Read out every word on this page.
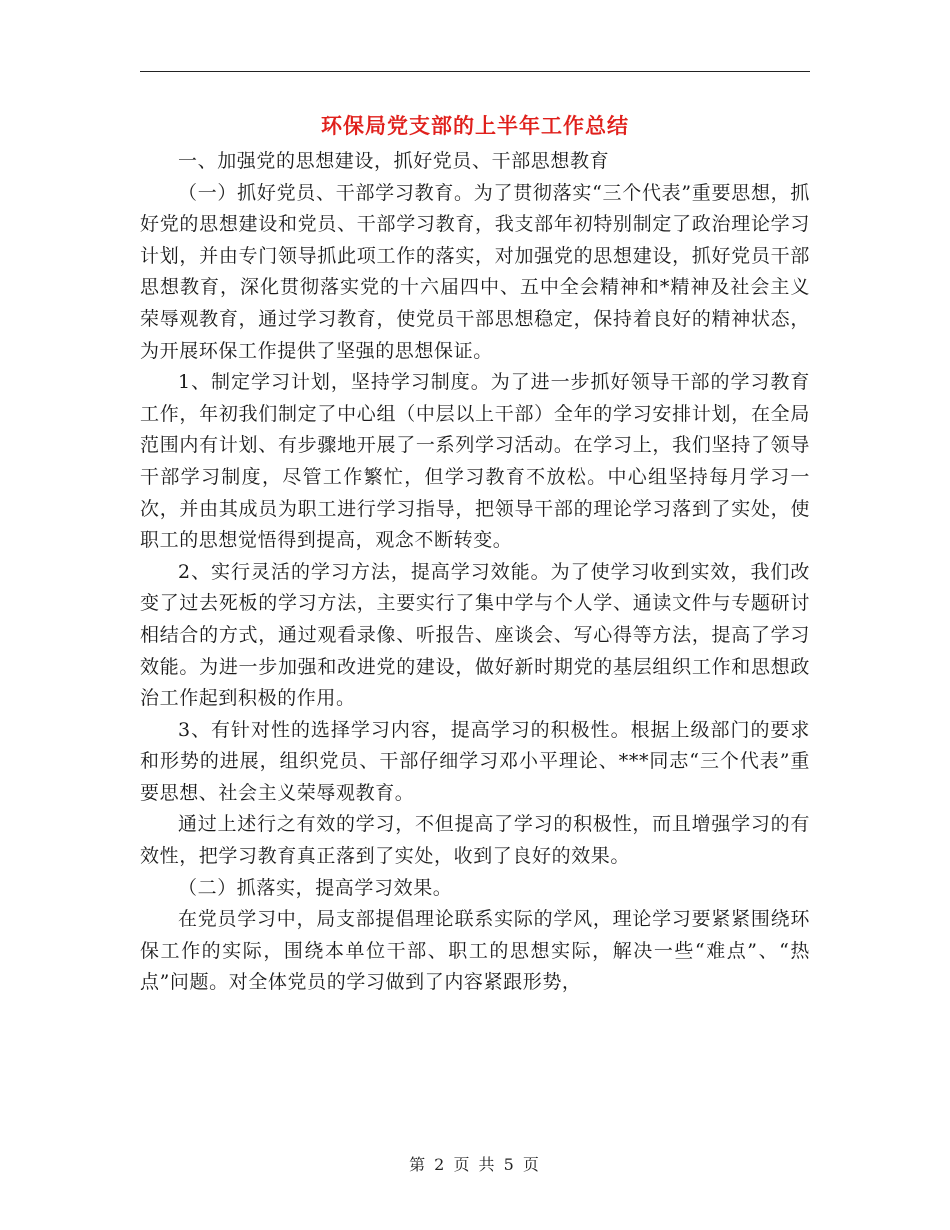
环保局党支部的上半年工作总结

一、加强党的思想建设，抓好党员、干部思想教育

（一）抓好党员、干部学习教育。为了贯彻落实“三个代表”重要思想，抓好党的思想建设和党员、干部学习教育，我支部年初特别制定了政治理论学习计划，并由专门领导抓此项工作的落实，对加强党的思想建设，抓好党员干部思想教育，深化贯彻落实党的十六届四中、五中全会精神和*精神及社会主义荣辱观教育，通过学习教育，使党员干部思想稳定，保持着良好的精神状态，为开展环保工作提供了坚强的思想保证。

1、制定学习计划，坚持学习制度。为了进一步抓好领导干部的学习教育工作，年初我们制定了中心组（中层以上干部）全年的学习安排计划，在全局范围内有计划、有步骤地开展了一系列学习活动。在学习上，我们坚持了领导干部学习制度，尽管工作繁忙，但学习教育不放松。中心组坚持每月学习一次，并由其成员为职工进行学习指导，把领导干部的理论学习落到了实处，使职工的思想觉悟得到提高，观念不断转变。

2、实行灵活的学习方法，提高学习效能。为了使学习收到实效，我们改变了过去死板的学习方法，主要实行了集中学与个人学、通读文件与专题研讨相结合的方式，通过观看录像、听报告、座谈会、写心得等方法，提高了学习效能。为进一步加强和改进党的建设，做好新时期党的基层组织工作和思想政治工作起到积极的作用。

3、有针对性的选择学习内容，提高学习的积极性。根据上级部门的要求和形势的进展，组织党员、干部仔细学习邓小平理论、***同志“三个代表”重要思想、社会主义荣辱观教育。

通过上述行之有效的学习，不但提高了学习的积极性，而且增强学习的有效性，把学习教育真正落到了实处，收到了良好的效果。

（二）抓落实，提高学习效果。

在党员学习中，局支部提倡理论联系实际的学风，理论学习要紧紧围绕环保工作的实际，围绕本单位干部、职工的思想实际，解决一些“难点”、“热点”问题。对全体党员的学习做到了内容紧跟形势，

第 2 页 共 5 页
